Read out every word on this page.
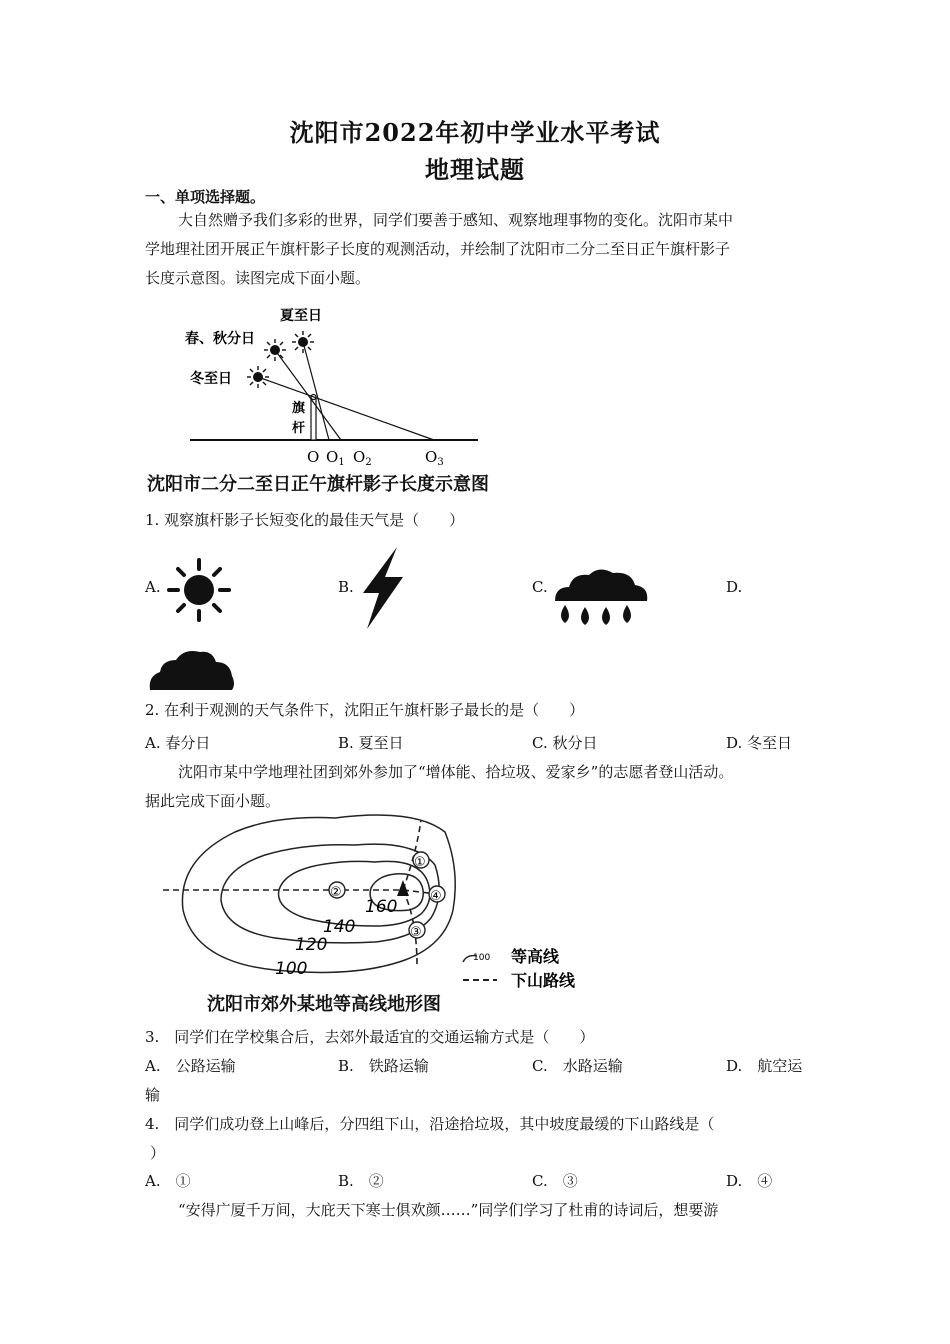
沈阳市2022年初中学业水平考试
地理试题
一、单项选择题。
大自然赠予我们多彩的世界，同学们要善于感知、观察地理事物的变化。沈阳市某中
学地理社团开展正午旗杆影子长度的观测活动，并绘制了沈阳市二分二至日正午旗杆影子
长度示意图。读图完成下面小题。
夏至日
春、秋分日
冬至日
旗
杆
O $O_1$ $O_2$	$O_3$
沈阳市二分二至日正午旗杆影子长度示意图
1. 观察旗杆影子长短变化的最佳天气是（　　）
A.	B.	C.	D.
2. 在利于观测的天气条件下，沈阳正午旗杆影子最长的是（　　）
A. 春分日	B. 夏至日	C. 秋分日	D. 冬至日
沈阳市某中学地理社团到郊外参加了“增体能、拾垃圾、爱家乡”的志愿者登山活动。
据此完成下面小题。
①
②
③
④
160
140
120
100
100 等高线
下山路线
沈阳市郊外某地等高线地形图
3.　同学们在学校集合后，去郊外最适宜的交通运输方式是（　　）
A.　公路运输	B.　铁路运输	C.　水路运输	D.　航空运
输
4.　同学们成功登上山峰后，分四组下山，沿途拾垃圾，其中坡度最缓的下山路线是（
）
A.　①	B.　②	C.　③	D.　④
“安得广厦千万间，大庇天下寒士俱欢颜……”同学们学习了杜甫的诗词后，想要游
